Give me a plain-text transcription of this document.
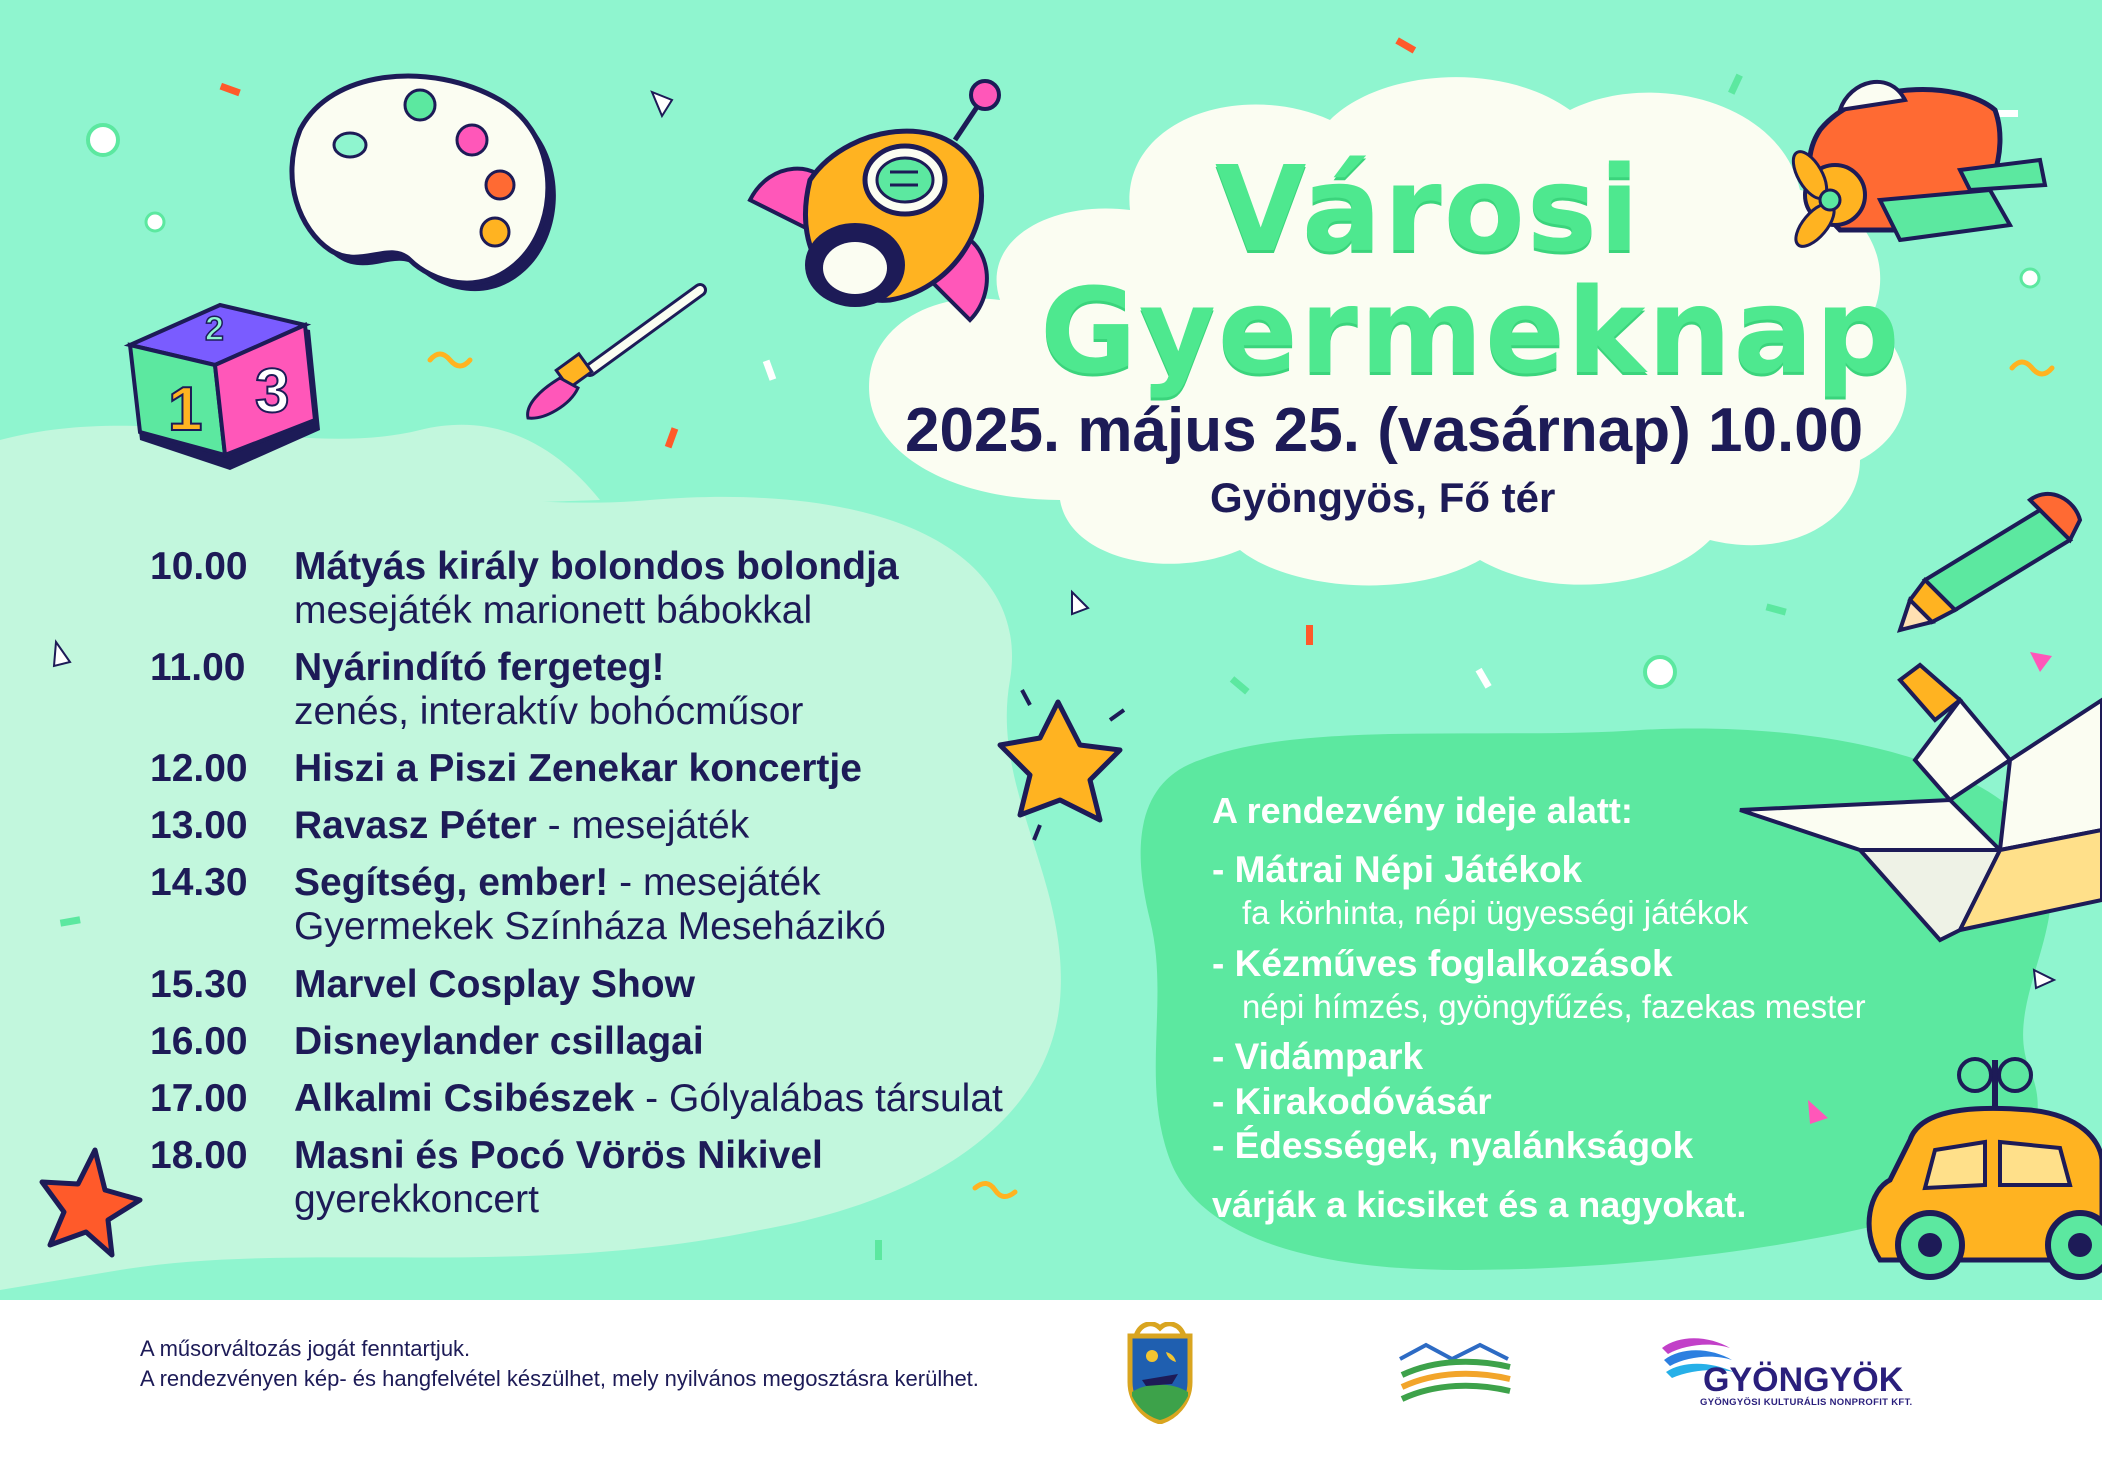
1 3
2
Városi
Gyermeknap
2025. május 25. (vasárnap) 10.00
Gyöngyös, Fő tér
10.00	Mátyás király bolondos bolondja
mesejáték marionett bábokkal
11.00	Nyárindító fergeteg!
zenés, interaktív bohócműsor
12.00	Hiszi a Piszi Zenekar koncertje
13.00	Ravasz Péter - mesejáték
14.30	Segítség, ember! - mesejáték
Gyermekek Színháza Meseházikó
15.30	Marvel Cosplay Show
16.00	Disneylander csillagai
17.00	Alkalmi Csibészek - Gólyalábas társulat
18.00	Masni és Pocó Vörös Nikivel
gyerekkoncert
A rendezvény ideje alatt:
- Mátrai Népi Játékok
fa körhinta, népi ügyességi játékok
- Kézműves foglalkozások
népi hímzés, gyöngyfűzés, fazekas mester
- Vidámpark
- Kirakodóvásár
- Édességek, nyalánkságok
várják a kicsiket és a nagyokat.
A műsorváltozás jogát fenntartjuk.
A rendezvényen kép- és hangfelvétel készülhet, mely nyilvános megosztásra kerülhet.	GYÖNGYÖK
GYÖNGYÖSI KULTURÁLIS NONPROFIT KFT.
